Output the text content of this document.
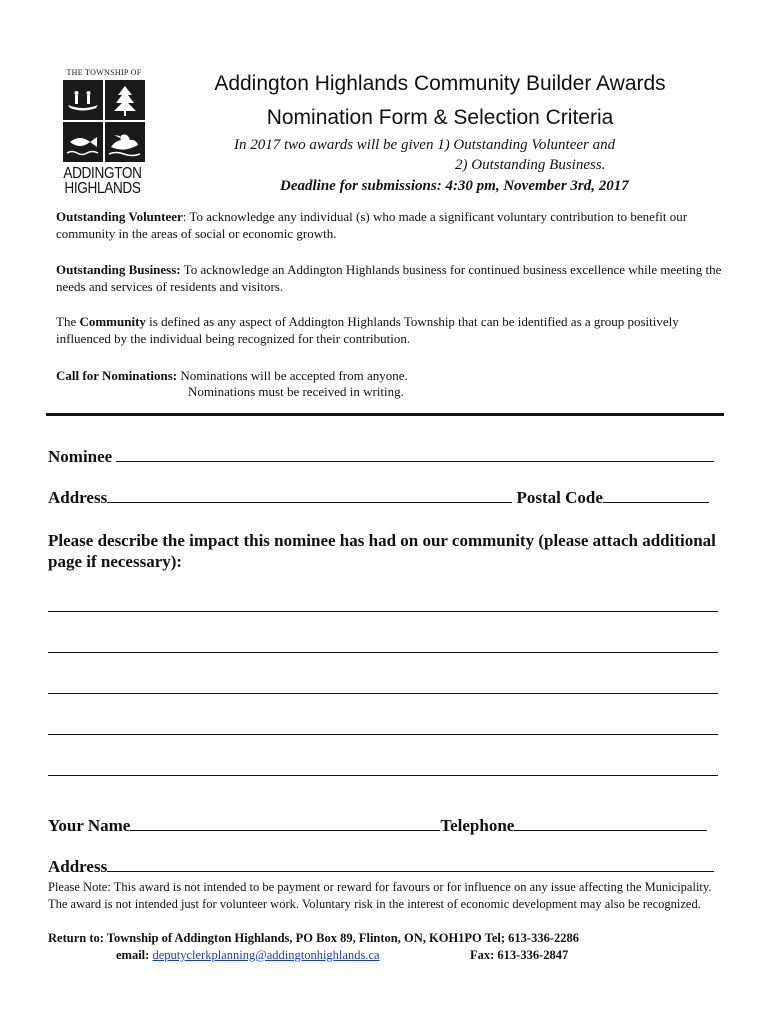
THE TOWNSHIP OF
ADDINGTON
HIGHLANDS
Addington Highlands Community Builder Awards
Nomination Form & Selection Criteria
In 2017 two awards will be given 1) Outstanding Volunteer and
2) Outstanding Business.
Deadline for submissions: 4:30 pm, November 3rd, 2017
Outstanding Volunteer: To acknowledge any individual (s) who made a significant voluntary contribution to benefit our community in the areas of social or economic growth.
Outstanding Business: To acknowledge an Addington Highlands business for continued business excellence while meeting the needs and services of residents and visitors.
The Community is defined as any aspect of Addington Highlands Township that can be identified as a group positively influenced by the individual being recognized for their contribution.
Call for Nominations: Nominations will be accepted from anyone.
Nominations must be received in writing.
Nominee
Address	Postal Code
Please describe the impact this nominee has had on our community (please attach additional page if necessary):
Your Name	Telephone
Address
Please Note: This award is not intended to be payment or reward for favours or for influence on any issue affecting the Municipality. The award is not intended just for volunteer work. Voluntary risk in the interest of economic development may also be recognized.
Return to: Township of Addington Highlands, PO Box 89, Flinton, ON, KOH1PO Tel; 613-336-2286
email: deputyclerkplanning@addingtonhighlands.ca	Fax: 613-336-2847
